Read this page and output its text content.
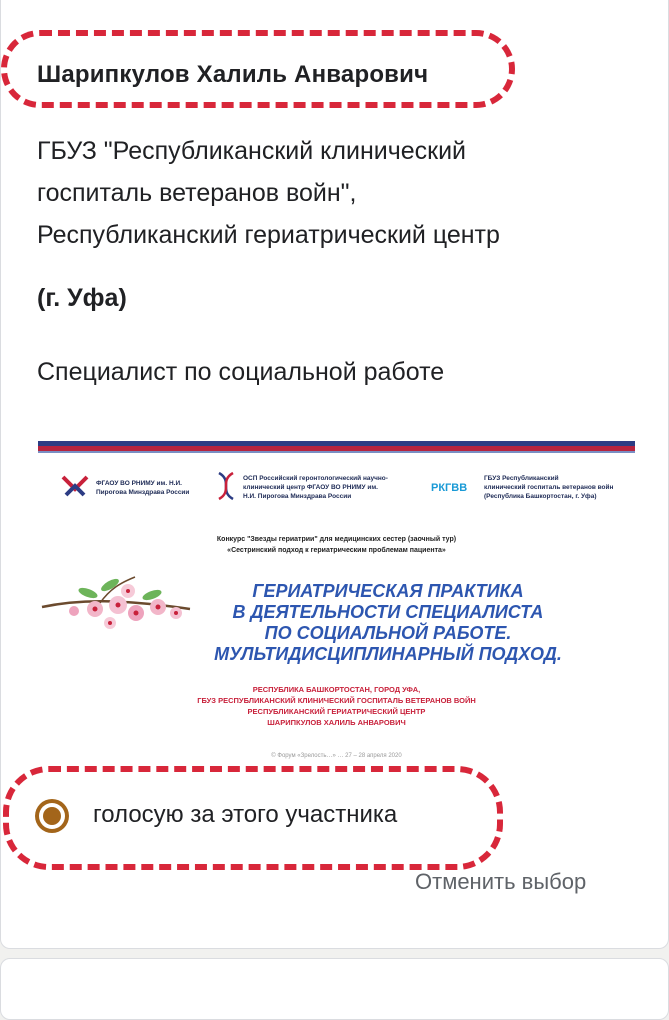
Шарипкулов Халиль Анварович
ГБУЗ "Республиканский клинический
госпиталь ветеранов войн",
Республиканский гериатрический центр
(г. Уфа)
Специалист по социальной работе
ФГАОУ ВО РНИМУ им. Н.И.
Пирогова Минздрава России
ОСП Российский геронтологический научно-
клинический центр ФГАОУ ВО РНИМУ им.
Н.И. Пирогова Минздрава России
РКГВВ
ГБУЗ Республиканский
клинический госпиталь ветеранов войн
(Республика Башкортостан, г. Уфа)
Конкурс "Звезды гериатрии" для медицинских сестер (заочный тур)
«Сестринский подход к гериатрическим проблемам пациента»
ГЕРИАТРИЧЕСКАЯ ПРАКТИКА
В ДЕЯТЕЛЬНОСТИ СПЕЦИАЛИСТА
ПО СОЦИАЛЬНОЙ РАБОТЕ.
МУЛЬТИДИСЦИПЛИНАРНЫЙ ПОДХОД.
РЕСПУБЛИКА БАШКОРТОСТАН, ГОРОД УФА,
ГБУЗ РЕСПУБЛИКАНСКИЙ КЛИНИЧЕСКИЙ ГОСПИТАЛЬ ВЕТЕРАНОВ ВОЙН
РЕСПУБЛИКАНСКИЙ ГЕРИАТРИЧЕСКИЙ ЦЕНТР
ШАРИПКУЛОВ ХАЛИЛЬ АНВАРОВИЧ
© Форум «Зрелость…» … 27 – 28 апреля 2020
голосую за этого участника
Отменить выбор
